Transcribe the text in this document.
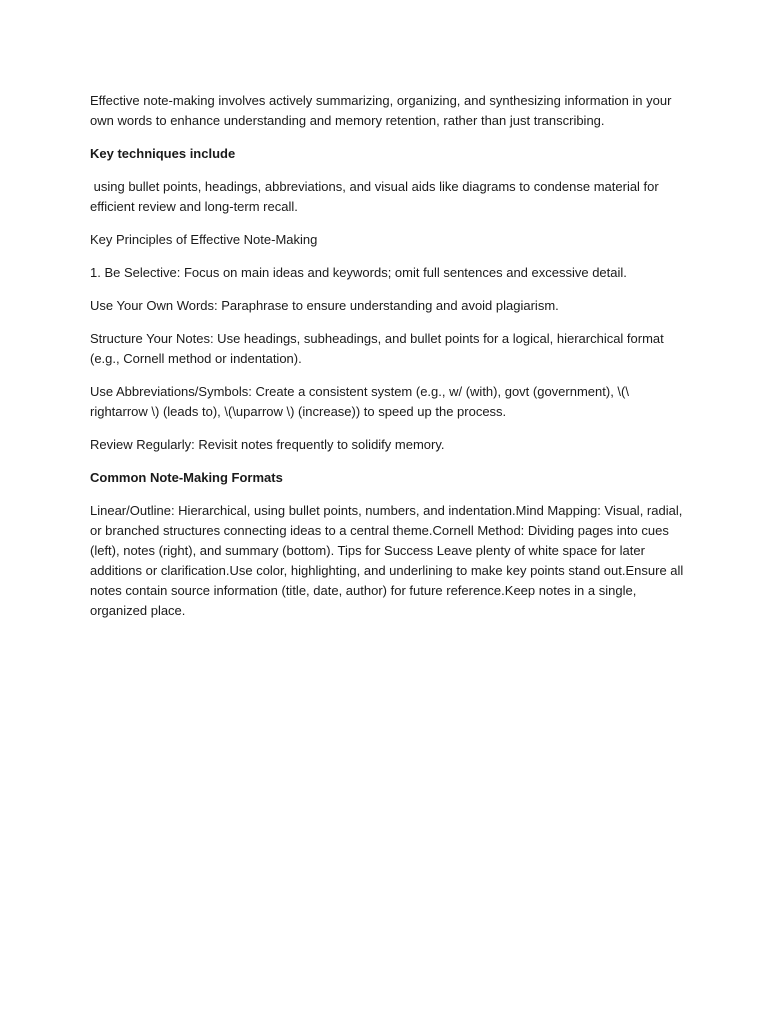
Effective note-making involves actively summarizing, organizing, and synthesizing information in your own words to enhance understanding and memory retention, rather than just transcribing.

Key techniques include

using bullet points, headings, abbreviations, and visual aids like diagrams to condense material for efficient review and long-term recall.

Key Principles of Effective Note-Making

1. Be Selective: Focus on main ideas and keywords; omit full sentences and excessive detail.

Use Your Own Words: Paraphrase to ensure understanding and avoid plagiarism.

Structure Your Notes: Use headings, subheadings, and bullet points for a logical, hierarchical format (e.g., Cornell method or indentation).

Use Abbreviations/Symbols: Create a consistent system (e.g., w/ (with), govt (government), \(\ rightarrow \) (leads to), \(\uparrow \) (increase)) to speed up the process.

Review Regularly: Revisit notes frequently to solidify memory.

Common Note-Making Formats

Linear/Outline: Hierarchical, using bullet points, numbers, and indentation.Mind Mapping: Visual, radial, or branched structures connecting ideas to a central theme.Cornell Method: Dividing pages into cues (left), notes (right), and summary (bottom). Tips for Success Leave plenty of white space for later additions or clarification.Use color, highlighting, and underlining to make key points stand out.Ensure all notes contain source information (title, date, author) for future reference.Keep notes in a single, organized place.
